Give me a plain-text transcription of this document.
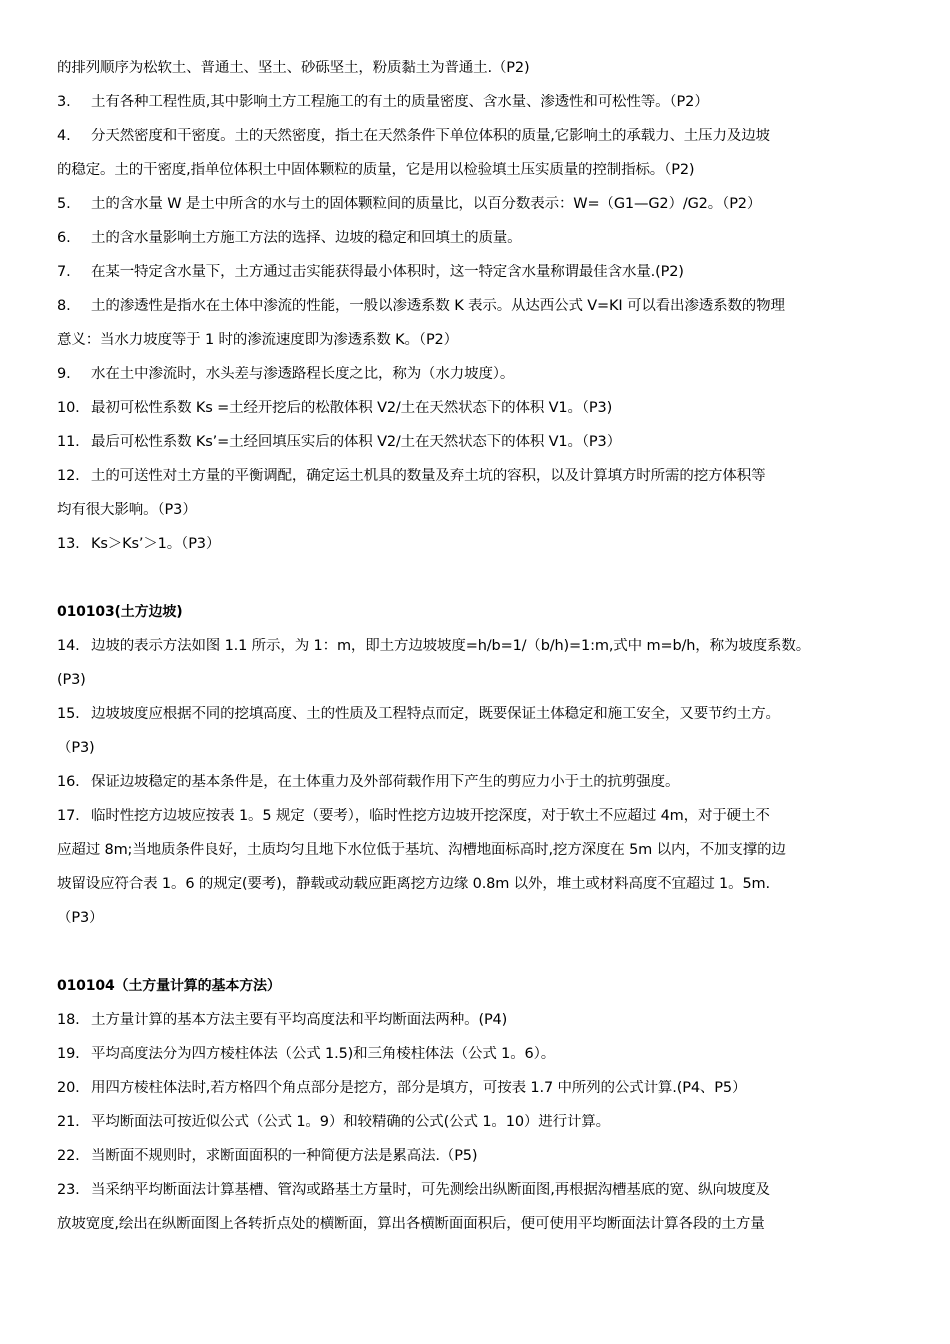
的排列顺序为松软土、普通土、坚土、砂砾坚土，粉质黏土为普通土.（P2)
3.	土有各种工程性质,其中影响土方工程施工的有土的质量密度、含水量、渗透性和可松性等。（P2）
4.	分天然密度和干密度。土的天然密度，指土在天然条件下单位体积的质量,它影响土的承载力、土压力及边坡
的稳定。土的干密度,指单位体积土中固体颗粒的质量，它是用以检验填土压实质量的控制指标。（P2)
5.	土的含水量 W 是土中所含的水与土的固体颗粒间的质量比，以百分数表示：W=（G1—G2）/G2。（P2）
6.	土的含水量影响土方施工方法的选择、边坡的稳定和回填土的质量。
7.	在某一特定含水量下，土方通过击实能获得最小体积时，这一特定含水量称谓最佳含水量.(P2)
8.	土的渗透性是指水在土体中渗流的性能，一般以渗透系数 K 表示。从达西公式 V=KI 可以看出渗透系数的物理
意义：当水力坡度等于 1 时的渗流速度即为渗透系数 K。（P2）
9.	水在土中渗流时，水头差与渗透路程长度之比，称为（水力坡度）。
10. 最初可松性系数 Ks =土经开挖后的松散体积 V2/土在天然状态下的体积 V1。（P3)
11. 最后可松性系数 Ks’=土经回填压实后的体积 V2/土在天然状态下的体积 V1。（P3）
12. 土的可送性对土方量的平衡调配，确定运土机具的数量及弃土坑的容积，以及计算填方时所需的挖方体积等
均有很大影响。（P3）
13. Ks＞Ks’＞1。（P3）
010103(土方边坡)
14. 边坡的表示方法如图 1.1 所示，为 1：m，即土方边坡坡度=h/b=1/（b/h)=1:m,式中 m=b/h，称为坡度系数。
(P3)
15. 边坡坡度应根据不同的挖填高度、土的性质及工程特点而定，既要保证土体稳定和施工安全，又要节约土方。
（P3)
16. 保证边坡稳定的基本条件是，在土体重力及外部荷载作用下产生的剪应力小于土的抗剪强度。
17. 临时性挖方边坡应按表 1。5 规定（要考），临时性挖方边坡开挖深度，对于软土不应超过 4m，对于硬土不
应超过 8m;当地质条件良好，土质均匀且地下水位低于基坑、沟槽地面标高时,挖方深度在 5m 以内，不加支撑的边
坡留设应符合表 1。6 的规定(要考)，静载或动载应距离挖方边缘 0.8m 以外，堆土或材料高度不宜超过 1。5m.
（P3）
010104（土方量计算的基本方法）
18. 土方量计算的基本方法主要有平均高度法和平均断面法两种。(P4)
19. 平均高度法分为四方棱柱体法（公式 1.5)和三角棱柱体法（公式 1。6）。
20. 用四方棱柱体法时,若方格四个角点部分是挖方，部分是填方，可按表 1.7 中所列的公式计算.(P4、P5）
21. 平均断面法可按近似公式（公式 1。9）和较精确的公式(公式 1。10）进行计算。
22. 当断面不规则时，求断面面积的一种简便方法是累高法.（P5)
23. 当采纳平均断面法计算基槽、管沟或路基土方量时，可先测绘出纵断面图,再根据沟槽基底的宽、纵向坡度及
放坡宽度,绘出在纵断面图上各转折点处的横断面，算出各横断面面积后，便可使用平均断面法计算各段的土方量
